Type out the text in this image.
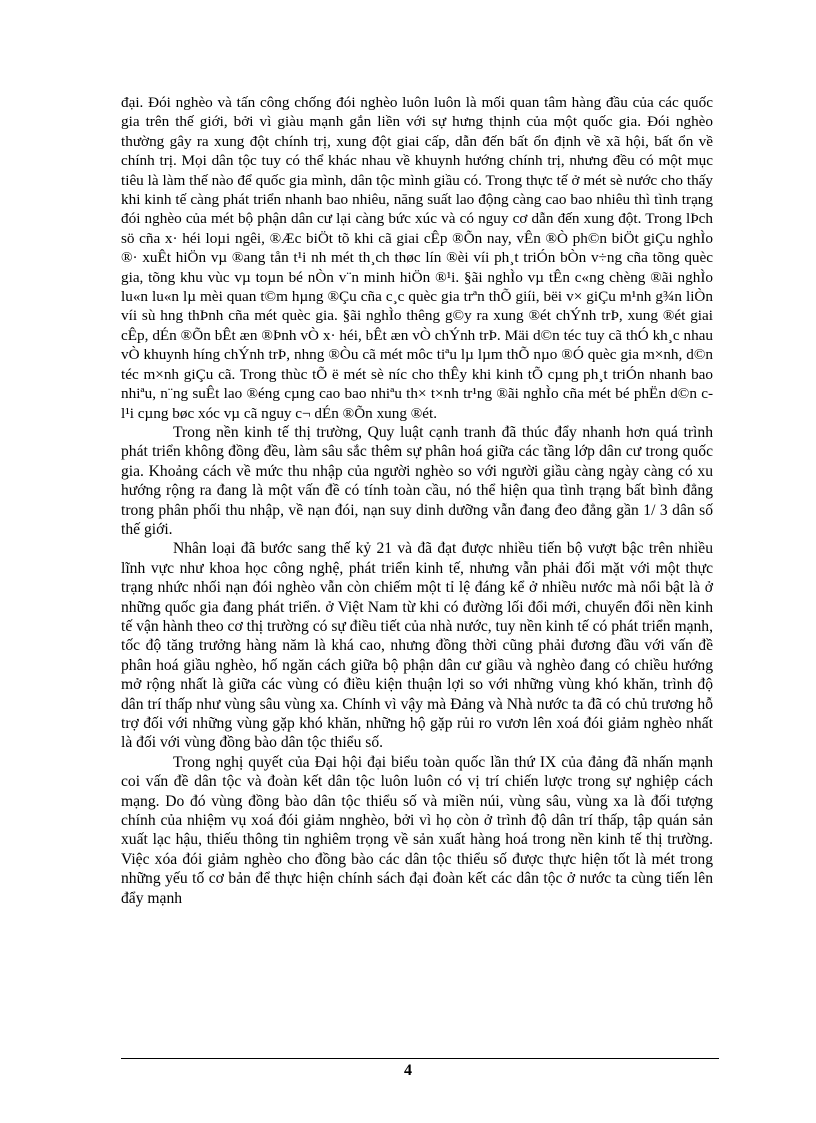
đại. Đói nghèo và tấn công chống đói nghèo luôn luôn là mối quan tâm hàng đầu của các quốc gia trên thế giới, bởi vì giàu mạnh gắn liền với sự hưng thịnh của một quốc gia. Đói nghèo thường gây ra xung đột chính trị, xung đột giai cấp, dẫn đến bất ổn định về xã hội, bất ổn về chính trị. Mọi dân tộc tuy có thể khác nhau về khuynh hướng chính trị, nhưng đều có một mục tiêu là làm thế nào để quốc gia mình, dân tộc mình giầu có. Trong thực tế ở mét sè nước cho thấy khi kinh tế càng phát triển nhanh bao nhiêu, năng suất lao động càng cao bao nhiêu thì tình trạng đói nghèo của mét bộ phận dân cư lại càng bức xúc và có nguy cơ dẫn đến xung đột. Trong lÞch sö cña x· héi loµi ngêi, ®Æc biÖt tõ khi cã giai cÊp ®Õn nay, vÊn ®Ò ph©n biÖt giÇu nghÌo ®· xuÊt hiÖn vµ ®ang tån t¹i nh mét th¸ch thøc lín ®èi víi ph¸t triÓn bÒn v÷ng cña tõng quèc gia, tõng khu vùc vµ toµn bé nÒn v¨n minh hiÖn ®¹i. §ãi nghÌo vµ tÊn c«ng chèng ®ãi nghÌo lu«n lu«n lµ mèi quan t©m hµng ®Çu cña c¸c quèc gia trªn thÕ giíi, bëi v× giÇu m¹nh g¾n liÒn víi sù hng thÞnh cña mét quèc gia. §ãi nghÌo thêng g©y ra xung ®ét chÝnh trÞ, xung ®ét giai cÊp, dÉn ®Õn bÊt æn ®Þnh vÒ x· héi, bÊt æn vÒ chÝnh trÞ. Mäi d©n téc tuy cã thÓ kh¸c nhau vÒ khuynh híng chÝnh trÞ, nhng ®Òu cã mét môc tiªu lµ lµm thÕ nµo ®Ó quèc gia m×nh, d©n téc m×nh giÇu cã. Trong thùc tÕ ë mét sè níc cho thÊy khi kinh tÕ cµng ph¸t triÓn nhanh bao nhiªu, n¨ng suÊt lao ®éng cµng cao bao nhiªu th× t×nh tr¹ng ®ãi nghÌo cña mét bé phËn d©n c l¹i cµng bøc xóc vµ cã nguy c¬ dÉn ®Õn xung ®ét.

Trong nền kinh tế thị trường, Quy luật cạnh tranh đã thúc đẩy nhanh hơn quá trình phát triển không đồng đều, làm sâu sắc thêm sự phân hoá giữa các tầng lớp dân cư trong quốc gia. Khoảng cách về mức thu nhập của người nghèo so với người giầu càng ngày càng có xu hướng rộng ra đang là một vấn đề có tính toàn cầu, nó thể hiện qua tình trạng bất bình đẳng trong phân phối thu nhập, về nạn đói, nạn suy dinh dưỡng vẫn đang đeo đẳng gần 1/ 3 dân số thế giới.

Nhân loại đã bước sang thế kỷ 21 và đã đạt được nhiều tiến bộ vượt bậc trên nhiều lĩnh vực như khoa học công nghệ, phát triển kinh tế, nhưng vẫn phải đối mặt với một thực trạng nhức nhối nạn đói nghèo vẫn còn chiếm một tỉ lệ đáng kể ở nhiều nước mà nổi bật là ở những quốc gia đang phát triển. ở Việt Nam từ khi có đường lối đổi mới, chuyển đổi nền kinh tế vận hành theo cơ thị trường có sự điều tiết của nhà nước, tuy nền kinh tế có phát triển mạnh, tốc độ tăng trưởng hàng năm là khá cao, nhưng đồng thời cũng phải đương đầu với vấn đề phân hoá giầu nghèo, hố ngăn cách giữa bộ phận dân cư giầu và nghèo đang có chiều hướng mở rộng nhất là giữa các vùng có điều kiện thuận lợi so với những vùng khó khăn, trình độ dân trí thấp như vùng sâu vùng xa. Chính vì vậy mà Đảng và Nhà nước ta đã có chủ trương hỗ trợ đối với những vùng gặp khó khăn, những hộ gặp rủi ro vươn lên xoá đói giảm nghèo nhất là đối với vùng đồng bào dân tộc thiểu số.

Trong nghị quyết của Đại hội đại biểu toàn quốc lần thứ IX của đảng đã nhấn mạnh coi vấn đề dân tộc và đoàn kết dân tộc luôn luôn có vị trí chiến lược trong sự nghiệp cách mạng. Do đó vùng đồng bào dân tộc thiểu số và miền núi, vùng sâu, vùng xa là đối tượng chính của nhiệm vụ xoá đói giảm nnghèo, bởi vì họ còn ở trình độ dân trí thấp, tập quán sản xuất lạc hậu, thiếu thông tin nghiêm trọng về sản xuất hàng hoá trong nền kinh tế thị trường. Việc xóa đói giảm nghèo cho đồng bào các dân tộc thiểu số được thực hiện tốt là mét trong những yếu tố cơ bản để thực hiện chính sách đại đoàn kết các dân tộc ở nước ta cùng tiến lên đẩy mạnh

4
